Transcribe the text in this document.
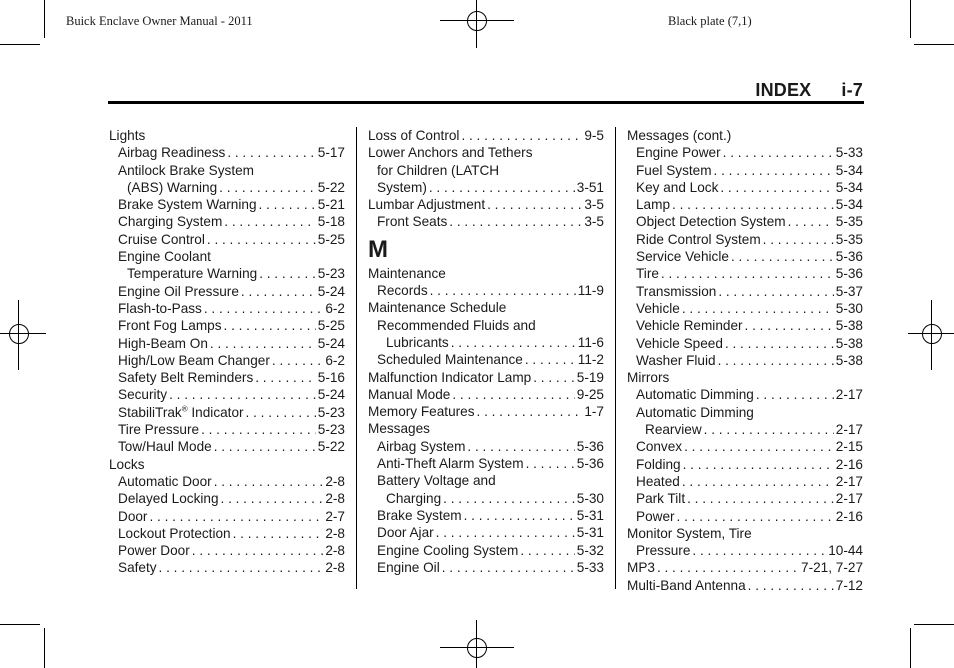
Buick Enclave Owner Manual - 2011	Black plate (7,1)
INDEX i-7
Lights
Airbag Readiness . . .	5-17
Antilock Brake System
(ABS) Warning . . .	5-22
Brake System Warning . . .	5-21
Charging System . . .	5-18
Cruise Control . . .	5-25
Engine Coolant
Temperature Warning . . .	5-23
Engine Oil Pressure . . .	5-24
Flash-to-Pass . . .	6-2
Front Fog Lamps . . .	5-25
High-Beam On . . .	5-24
High/Low Beam Changer . . .	6-2
Safety Belt Reminders . . .	5-16
Security . . .	5-24
StabiliTrak® Indicator . . .	5-23
Tire Pressure . . .	5-23
Tow/Haul Mode . . .	5-22
Locks
Automatic Door . . .	2-8
Delayed Locking . . .	2-8
Door . . .	2-7
Lockout Protection . . .	2-8
Power Door . . .	2-8
Safety . . .	2-8
Loss of Control . . .	9-5
Lower Anchors and Tethers
for Children (LATCH
System) . . .	3-51
Lumbar Adjustment . . .	3-5
Front Seats . . .	3-5
M
Maintenance
Records . . .	11-9
Maintenance Schedule
Recommended Fluids and
Lubricants . . .	11-6
Scheduled Maintenance . . .	11-2
Malfunction Indicator Lamp . . .	5-19
Manual Mode . . .	9-25
Memory Features . . .	1-7
Messages
Airbag System . . .	5-36
Anti-Theft Alarm System . . .	5-36
Battery Voltage and
Charging . . .	5-30
Brake System . . .	5-31
Door Ajar . . .	5-31
Engine Cooling System . . .	5-32
Engine Oil . . .	5-33
Messages (cont.)
Engine Power . . .	5-33
Fuel System . . .	5-34
Key and Lock . . .	5-34
Lamp . . .	5-34
Object Detection System . . .	5-35
Ride Control System . . .	5-35
Service Vehicle . . .	5-36
Tire . . .	5-36
Transmission . . .	5-37
Vehicle . . .	5-30
Vehicle Reminder . . .	5-38
Vehicle Speed . . .	5-38
Washer Fluid . . .	5-38
Mirrors
Automatic Dimming . . .	2-17
Automatic Dimming
Rearview . . .	2-17
Convex . . .	2-15
Folding . . .	2-16
Heated . . .	2-17
Park Tilt . . .	2-17
Power . . .	2-16
Monitor System, Tire
Pressure . . .	10-44
MP3 . . .	7-21, 7-27
Multi-Band Antenna . . .	7-12
